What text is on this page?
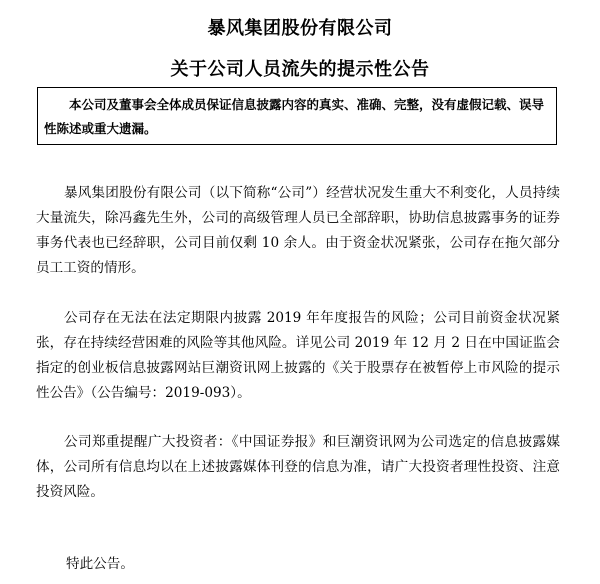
暴风集团股份有限公司
关于公司人员流失的提示性公告
本公司及董事会全体成员保证信息披露内容的真实、准确、完整，没有虚假记载、误导性陈述或重大遗漏。
暴风集团股份有限公司（以下简称“公司”）经营状况发生重大不利变化，人员持续大量流失，除冯鑫先生外，公司的高级管理人员已全部辞职，协助信息披露事务的证券事务代表也已经辞职，公司目前仅剩 10 余人。由于资金状况紧张，公司存在拖欠部分员工工资的情形。
公司存在无法在法定期限内披露 2019 年年度报告的风险；公司目前资金状况紧张，存在持续经营困难的风险等其他风险。详见公司 2019 年 12 月 2 日在中国证监会指定的创业板信息披露网站巨潮资讯网上披露的《关于股票存在被暂停上市风险的提示性公告》（公告编号：2019-093）。
公司郑重提醒广大投资者：《中国证券报》和巨潮资讯网为公司选定的信息披露媒体，公司所有信息均以在上述披露媒体刊登的信息为准，请广大投资者理性投资、注意投资风险。
特此公告。
